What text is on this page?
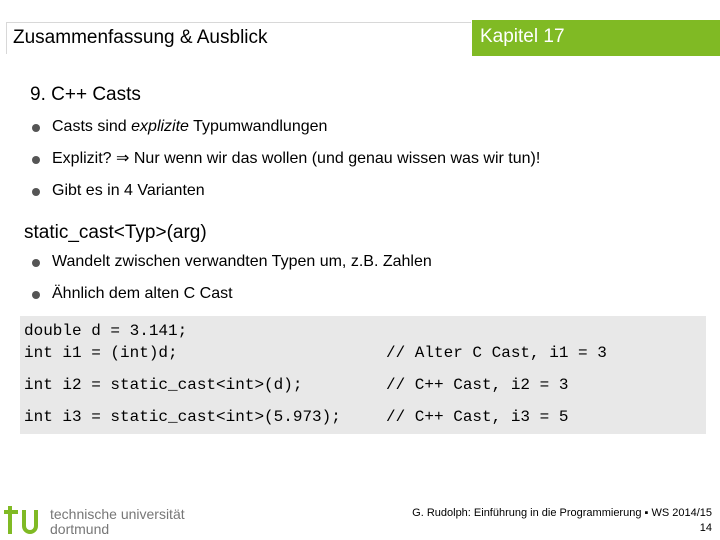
Zusammenfassung & Ausblick	Kapitel 17
9. C++ Casts
Casts sind explizite Typumwandlungen
Explizit? ⇒ Nur wenn wir das wollen (und genau wissen was wir tun)!
Gibt es in 4 Varianten
static_cast<Typ>(arg)
Wandelt zwischen verwandten Typen um, z.B. Zahlen
Ähnlich dem alten C Cast
double d = 3.141;
int i1 = (int)d;	// Alter C Cast, i1 = 3
int i2 = static_cast<int>(d);	// C++ Cast, i2 = 3
int i3 = static_cast<int>(5.973);	// C++ Cast, i3 = 5
technische universität
dortmund
G. Rudolph: Einführung in die Programmierung ▪ WS 2014/15
14
